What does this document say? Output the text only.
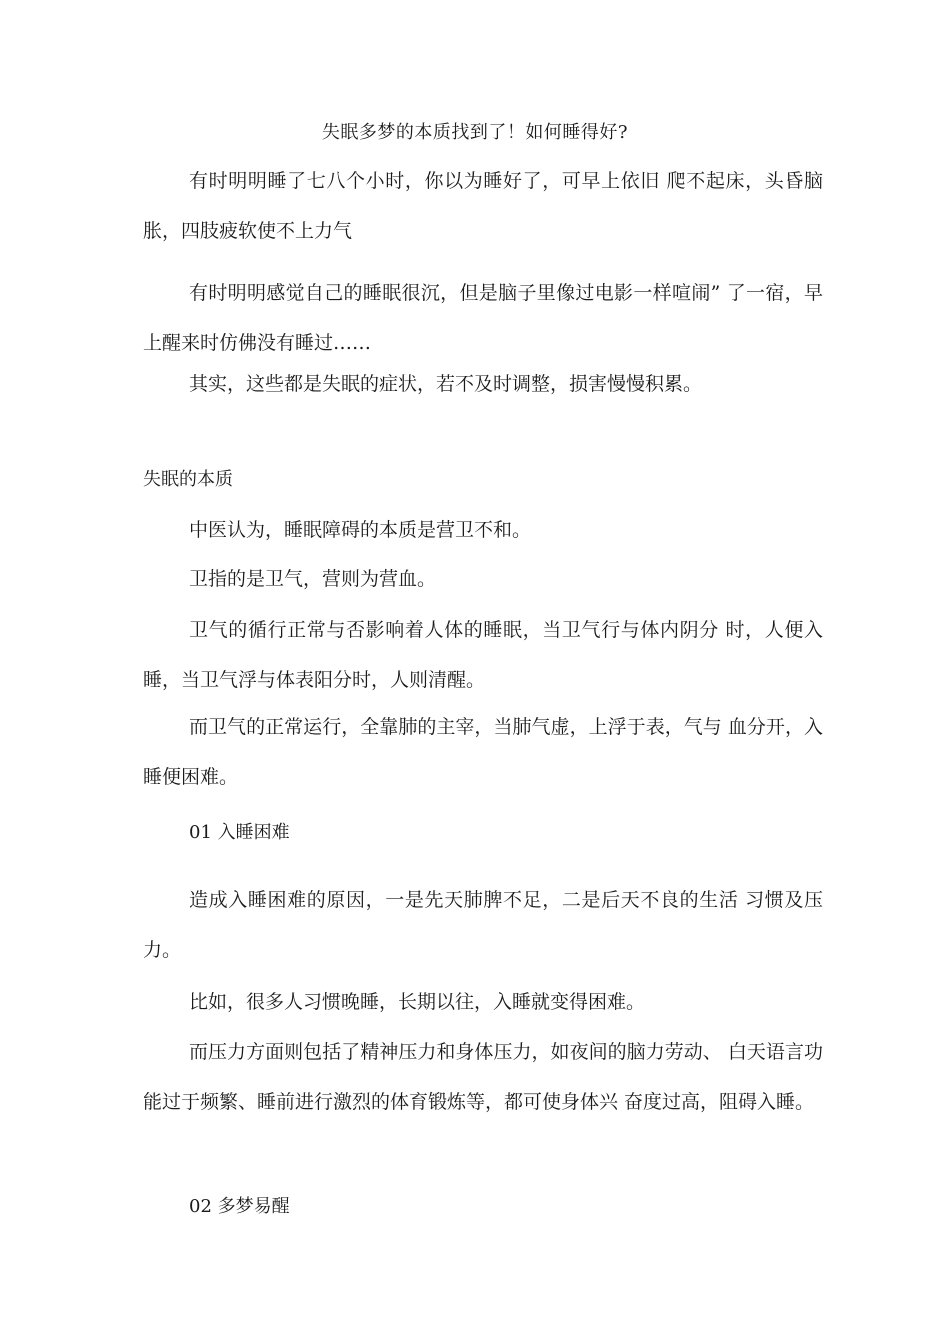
失眠多梦的本质找到了！如何睡得好?

有时明明睡了七八个小时，你以为睡好了，可早上依旧 爬不起床，头昏脑胀，四肢疲软使不上力气

有时明明感觉自己的睡眠很沉，但是脑子里像过电影一样喧闹” 了一宿，早上醒来时仿佛没有睡过……

其实，这些都是失眠的症状，若不及时调整，损害慢慢积累。

失眠的本质

中医认为，睡眠障碍的本质是营卫不和。

卫指的是卫气，营则为营血。

卫气的循行正常与否影响着人体的睡眠，当卫气行与体内阴分 时，人便入睡，当卫气浮与体表阳分时，人则清醒。

而卫气的正常运行，全靠肺的主宰，当肺气虚，上浮于表，气与 血分开，入睡便困难。

01 入睡困难

造成入睡困难的原因，一是先天肺脾不足，二是后天不良的生活 习惯及压力。

比如，很多人习惯晚睡，长期以往，入睡就变得困难。

而压力方面则包括了精神压力和身体压力，如夜间的脑力劳动、 白天语言功能过于频繁、睡前进行激烈的体育锻炼等，都可使身体兴 奋度过高，阻碍入睡。

02 多梦易醒
